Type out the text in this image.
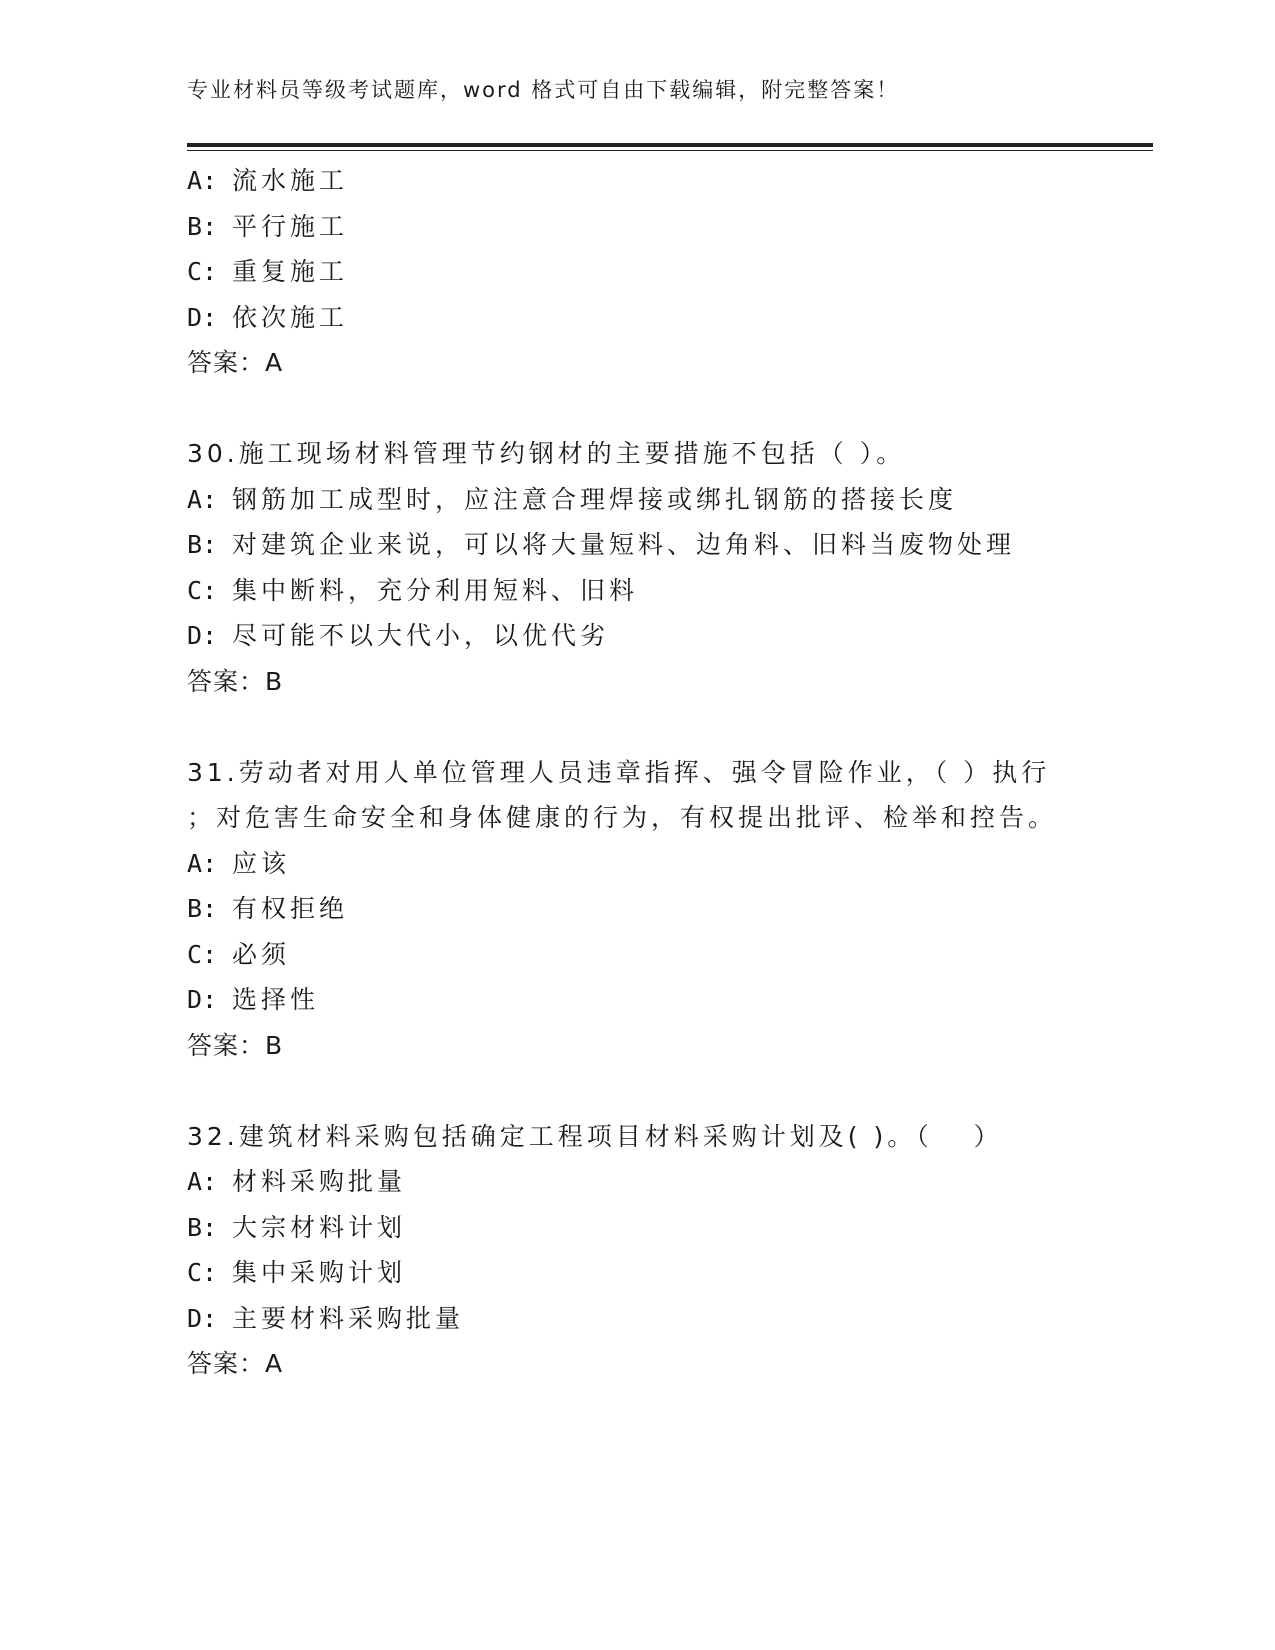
专业材料员等级考试题库，word 格式可自由下载编辑，附完整答案！
A: 流水施工
B: 平行施工
C: 重复施工
D: 依次施工
答案：A
30.施工现场材料管理节约钢材的主要措施不包括（ ）。
A: 钢筋加工成型时，应注意合理焊接或绑扎钢筋的搭接长度
B: 对建筑企业来说，可以将大量短料、边角料、旧料当废物处理
C: 集中断料，充分利用短料、旧料
D: 尽可能不以大代小，以优代劣
答案：B
31.劳动者对用人单位管理人员违章指挥、强令冒险作业，（ ）执行
；对危害生命安全和身体健康的行为，有权提出批评、检举和控告。
A: 应该
B: 有权拒绝
C: 必须
D: 选择性
答案：B
32.建筑材料采购包括确定工程项目材料采购计划及( )。（　 ）
A: 材料采购批量
B: 大宗材料计划
C: 集中采购计划
D: 主要材料采购批量
答案：A
